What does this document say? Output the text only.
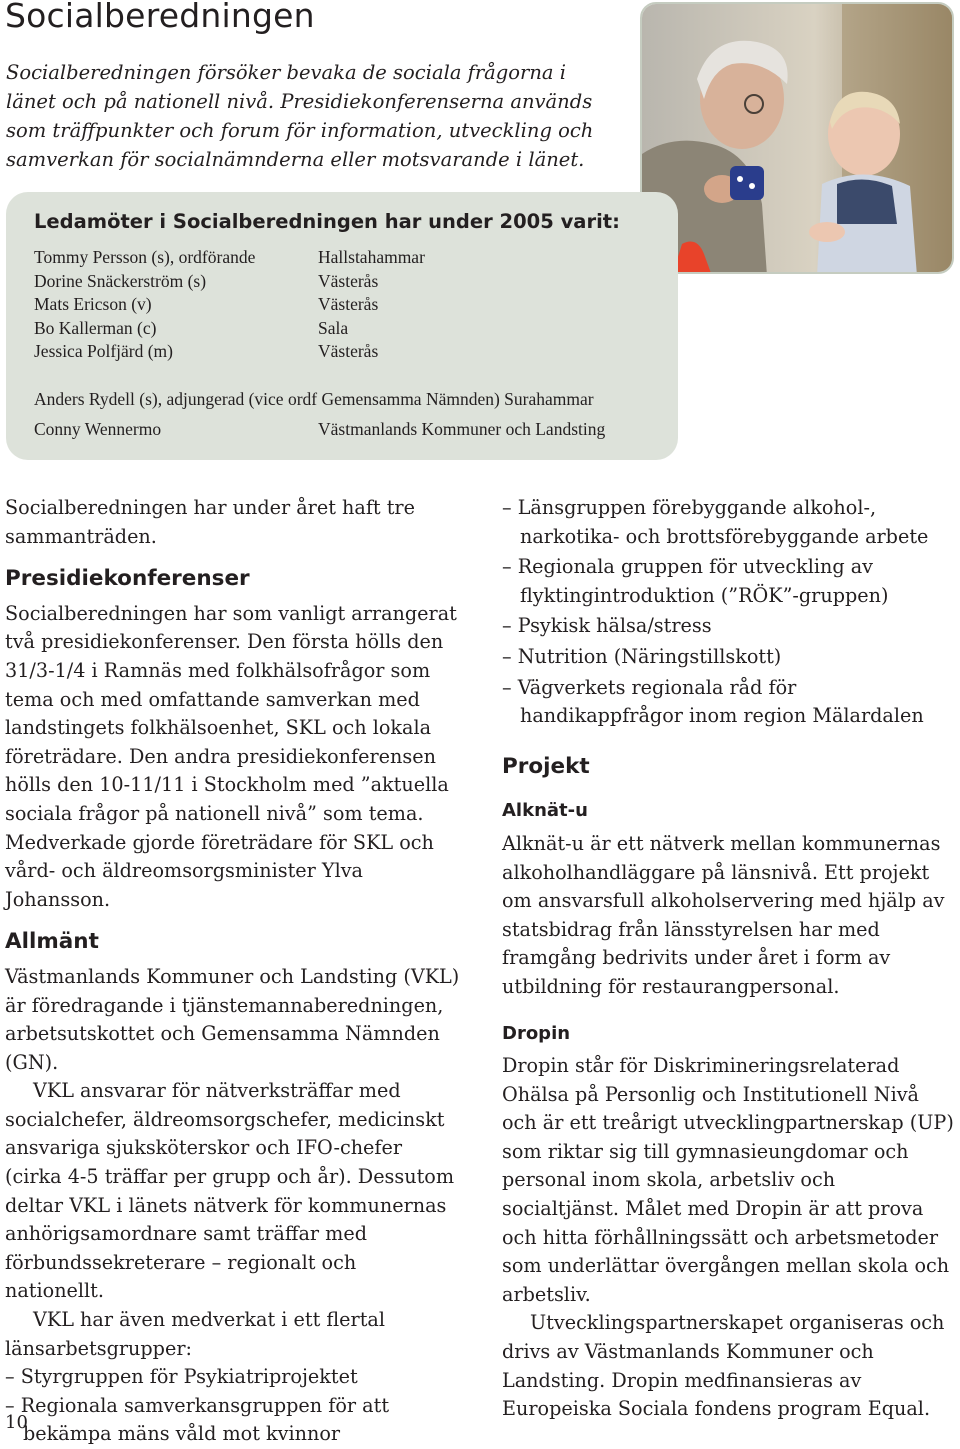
Socialberedningen

Socialberedningen försöker bevaka de sociala frågorna i länet och på nationell nivå. Presidiekonferenserna används som träffpunkter och forum för information, utveckling och samverkan för socialnämnderna eller motsvarande i länet.

Ledamöter i Socialberedningen har under 2005 varit:
Tommy Persson (s), ordförande	Hallstahammar
Dorine Snäckerström (s)	Västerås
Mats Ericson (v)	Västerås
Bo Kallerman (c)	Sala
Jessica Polfjärd (m)	Västerås
Anders Rydell (s), adjungerad (vice ordf Gemensamma Nämnden) Surahammar
Conny Wennermo	Västmanlands Kommuner och Landsting

Socialberedningen har under året haft tre sammanträden.

Presidiekonferenser

Socialberedningen har som vanligt arrangerat två presidiekonferenser. Den första hölls den 31/3-1/4 i Ramnäs med folkhälsofrågor som tema och med omfattande samverkan med landstingets folkhälsoenhet, SKL och lokala företrädare. Den andra presidiekonferensen hölls den 10-11/11 i Stockholm med ”aktuella sociala frågor på nationell nivå” som tema. Medverkade gjorde företrädare för SKL och vård- och äldreomsorgsminister Ylva Johansson.

Allmänt

Västmanlands Kommuner och Landsting (VKL) är föredragande i tjänstemannaberedningen, arbetsutskottet och Gemensamma Nämnden (GN).

VKL ansvarar för nätverksträffar med socialchefer, äldreomsorgschefer, medicinskt ansvariga sjuksköterskor och IFO-chefer (cirka 4-5 träffar per grupp och år). Dessutom deltar VKL i länets nätverk för kommunernas anhörigsamordnare samt träffar med förbundssekreterare – regionalt och nationellt.

VKL har även medverkat i ett flertal länsarbetsgrupper:

– Styrgruppen för Psykiatriprojektet

– Regionala samverkansgruppen för att bekämpa mäns våld mot kvinnor

– Länsgruppen förebyggande alkohol-, narkotika- och brottsförebyggande arbete

– Regionala gruppen för utveckling av flyktingintroduktion (”RÖK”-gruppen)

– Psykisk hälsa/stress

– Nutrition (Näringstillskott)

– Vägverkets regionala råd för handikappfrågor inom region Mälardalen

Projekt
Alknät-u

Alknät-u är ett nätverk mellan kommunernas alkoholhandläggare på länsnivå. Ett projekt om ansvarsfull alkoholservering med hjälp av statsbidrag från länsstyrelsen har med framgång bedrivits under året i form av utbildning för restaurangpersonal.

Dropin

Dropin står för Diskrimineringsrelaterad Ohälsa på Personlig och Institutionell Nivå och är ett treårigt utvecklingpartnerskap (UP) som riktar sig till gymnasieungdomar och personal inom skola, arbetsliv och socialtjänst. Målet med Dropin är att prova och hitta förhållningssätt och arbetsmetoder som underlättar övergången mellan skola och arbetsliv.

Utvecklingspartnerskapet organiseras och drivs av Västmanlands Kommuner och Landsting. Dropin medfinansieras av Europeiska Sociala fondens program Equal.

10
